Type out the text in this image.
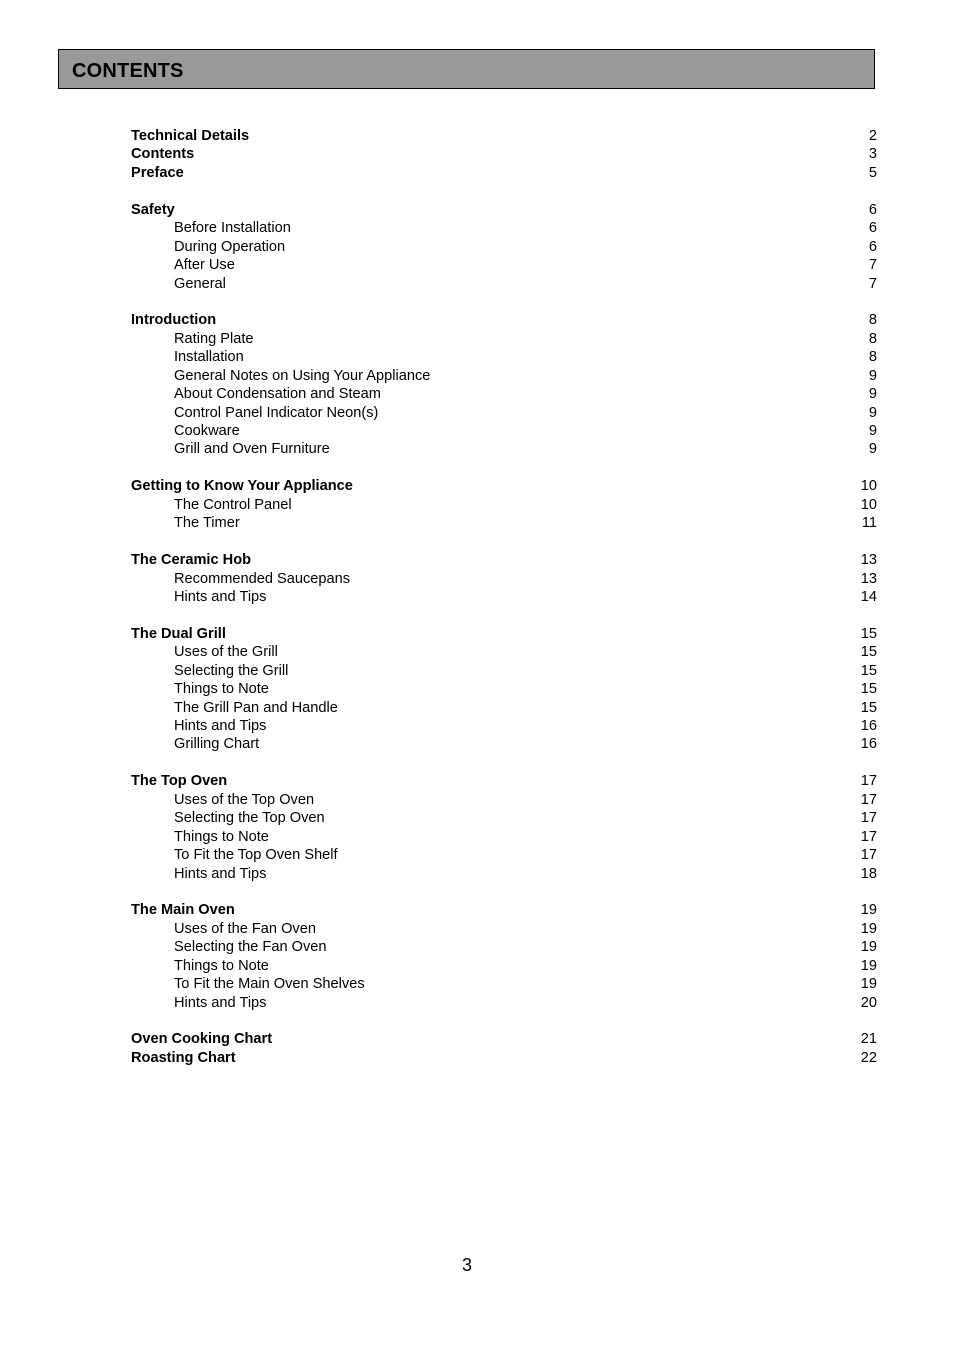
CONTENTS
Technical Details	2
Contents	3
Preface	5
Safety	6
Before Installation	6
During Operation	6
After Use	7
General	7
Introduction	8
Rating Plate	8
Installation	8
General Notes on Using Your Appliance	9
About Condensation and Steam	9
Control Panel Indicator Neon(s)	9
Cookware	9
Grill and Oven Furniture	9
Getting to Know Your Appliance	10
The Control Panel	10
The Timer	11
The Ceramic Hob	13
Recommended Saucepans	13
Hints and Tips	14
The Dual Grill	15
Uses of the Grill	15
Selecting the Grill	15
Things to Note	15
The Grill Pan and Handle	15
Hints and Tips	16
Grilling Chart	16
The Top Oven	17
Uses of the Top Oven	17
Selecting the Top Oven	17
Things to Note	17
To Fit the Top Oven Shelf	17
Hints and Tips	18
The Main Oven	19
Uses of the Fan Oven	19
Selecting the Fan Oven	19
Things to Note	19
To Fit the Main Oven Shelves	19
Hints and Tips	20
Oven Cooking Chart	21
Roasting Chart	22
3
